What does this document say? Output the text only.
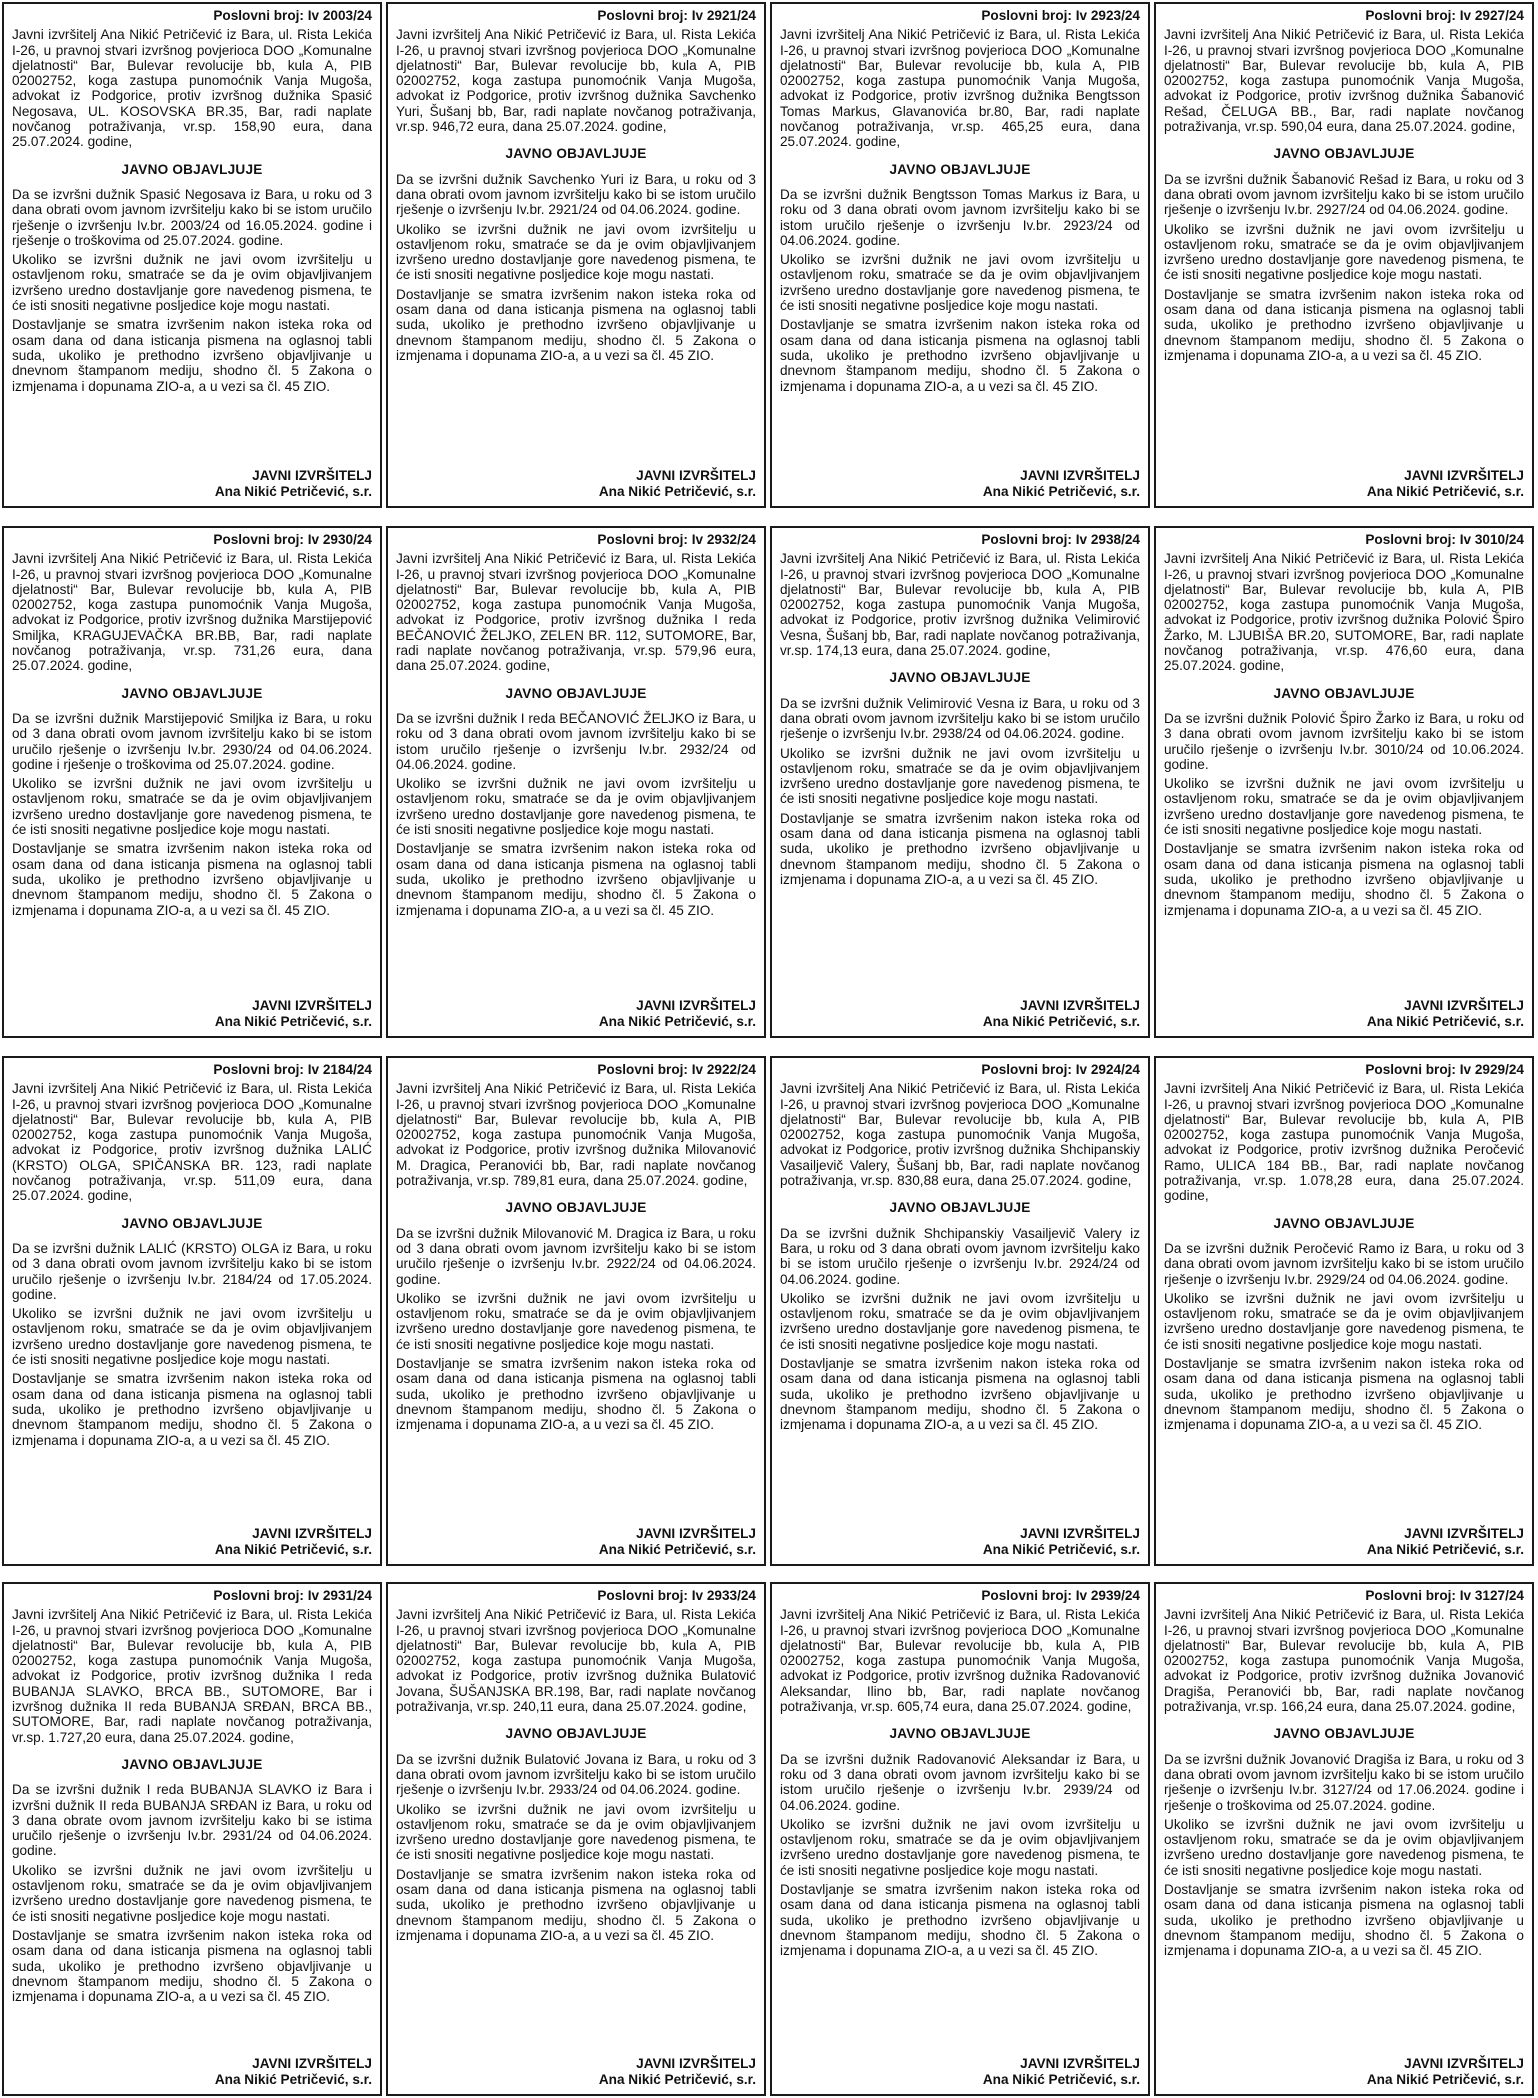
Poslovni broj: Iv 2003/24
Javni izvršitelj Ana Nikić Petričević iz Bara, ul. Rista Lekića I-26, u pravnoj stvari izvršnog povjerioca DOO „Komunalne djelatnosti“ Bar, Bulevar revolucije bb, kula A, PIB 02002752, koga zastupa punomoćnik Vanja Mugoša, advokat iz Podgorice, protiv izvršnog dužnika Spasić Negosava, UL. KOSOVSKA BR.35, Bar, radi naplate novčanog potraživanja, vr.sp. 158,90 eura, dana 25.07.2024. godine,
JAVNO OBJAVLJUJE
Da se izvršni dužnik Spasić Negosava iz Bara, u roku od 3 dana obrati ovom javnom izvršitelju kako bi se istom uručilo rješenje o izvršenju Iv.br. 2003/24 od 16.05.2024. godine i rješenje o troškovima od 25.07.2024. godine.
Ukoliko se izvršni dužnik ne javi ovom izvršitelju u ostavljenom roku, smatraće se da je ovim objavljivanjem izvršeno uredno dostavljanje gore navedenog pismena, te će isti snositi negativne posljedice koje mogu nastati.
Dostavljanje se smatra izvršenim nakon isteka roka od osam dana od dana isticanja pismena na oglasnoj tabli suda, ukoliko je prethodno izvršeno objavljivanje u dnevnom štampanom mediju, shodno čl. 5 Zakona o izmjenama i dopunama ZIO-a, a u vezi sa čl. 45 ZIO.
JAVNI IZVRŠITELJ
Ana Nikić Petričević, s.r.
Poslovni broj: Iv 2921/24
Javni izvršitelj Ana Nikić Petričević iz Bara, ul. Rista Lekića I-26, u pravnoj stvari izvršnog povjerioca DOO „Komunalne djelatnosti“ Bar, Bulevar revolucije bb, kula A, PIB 02002752, koga zastupa punomoćnik Vanja Mugoša, advokat iz Podgorice, protiv izvršnog dužnika Savchenko Yuri, Šušanj bb, Bar, radi naplate novčanog potraživanja, vr.sp. 946,72 eura, dana 25.07.2024. godine,
JAVNO OBJAVLJUJE
Da se izvršni dužnik Savchenko Yuri iz Bara, u roku od 3 dana obrati ovom javnom izvršitelju kako bi se istom uručilo rješenje o izvršenju Iv.br. 2921/24 od 04.06.2024. godine.
Ukoliko se izvršni dužnik ne javi ovom izvršitelju u ostavljenom roku, smatraće se da je ovim objavljivanjem izvršeno uredno dostavljanje gore navedenog pismena, te će isti snositi negativne posljedice koje mogu nastati.
Dostavljanje se smatra izvršenim nakon isteka roka od osam dana od dana isticanja pismena na oglasnoj tabli suda, ukoliko je prethodno izvršeno objavljivanje u dnevnom štampanom mediju, shodno čl. 5 Zakona o izmjenama i dopunama ZIO-a, a u vezi sa čl. 45 ZIO.
JAVNI IZVRŠITELJ
Ana Nikić Petričević, s.r.
Poslovni broj: Iv 2923/24
Javni izvršitelj Ana Nikić Petričević iz Bara, ul. Rista Lekića I-26, u pravnoj stvari izvršnog povjerioca DOO „Komunalne djelatnosti“ Bar, Bulevar revolucije bb, kula A, PIB 02002752, koga zastupa punomoćnik Vanja Mugoša, advokat iz Podgorice, protiv izvršnog dužnika Bengtsson Tomas Markus, Glavanovića br.80, Bar, radi naplate novčanog potraživanja, vr.sp. 465,25 eura, dana 25.07.2024. godine,
JAVNO OBJAVLJUJE
Da se izvršni dužnik Bengtsson Tomas Markus iz Bara, u roku od 3 dana obrati ovom javnom izvršitelju kako bi se istom uručilo rješenje o izvršenju Iv.br. 2923/24 od 04.06.2024. godine.
Ukoliko se izvršni dužnik ne javi ovom izvršitelju u ostavljenom roku, smatraće se da je ovim objavljivanjem izvršeno uredno dostavljanje gore navedenog pismena, te će isti snositi negativne posljedice koje mogu nastati.
Dostavljanje se smatra izvršenim nakon isteka roka od osam dana od dana isticanja pismena na oglasnoj tabli suda, ukoliko je prethodno izvršeno objavljivanje u dnevnom štampanom mediju, shodno čl. 5 Zakona o izmjenama i dopunama ZIO-a, a u vezi sa čl. 45 ZIO.
JAVNI IZVRŠITELJ
Ana Nikić Petričević, s.r.
Poslovni broj: Iv 2927/24
Javni izvršitelj Ana Nikić Petričević iz Bara, ul. Rista Lekića I-26, u pravnoj stvari izvršnog povjerioca DOO „Komunalne djelatnosti“ Bar, Bulevar revolucije bb, kula A, PIB 02002752, koga zastupa punomoćnik Vanja Mugoša, advokat iz Podgorice, protiv izvršnog dužnika Šabanović Rešad, ČELUGA BB., Bar, radi naplate novčanog potraživanja, vr.sp. 590,04 eura, dana 25.07.2024. godine,
JAVNO OBJAVLJUJE
Da se izvršni dužnik Šabanović Rešad iz Bara, u roku od 3 dana obrati ovom javnom izvršitelju kako bi se istom uručilo rješenje o izvršenju Iv.br. 2927/24 od 04.06.2024. godine.
Ukoliko se izvršni dužnik ne javi ovom izvršitelju u ostavljenom roku, smatraće se da je ovim objavljivanjem izvršeno uredno dostavljanje gore navedenog pismena, te će isti snositi negativne posljedice koje mogu nastati.
Dostavljanje se smatra izvršenim nakon isteka roka od osam dana od dana isticanja pismena na oglasnoj tabli suda, ukoliko je prethodno izvršeno objavljivanje u dnevnom štampanom mediju, shodno čl. 5 Zakona o izmjenama i dopunama ZIO-a, a u vezi sa čl. 45 ZIO.
JAVNI IZVRŠITELJ
Ana Nikić Petričević, s.r.
Poslovni broj: Iv 2930/24
Javni izvršitelj Ana Nikić Petričević iz Bara, ul. Rista Lekića I-26, u pravnoj stvari izvršnog povjerioca DOO „Komunalne djelatnosti“ Bar, Bulevar revolucije bb, kula A, PIB 02002752, koga zastupa punomoćnik Vanja Mugoša, advokat iz Podgorice, protiv izvršnog dužnika Marstijepović Smiljka, KRAGUJEVAČKA BR.BB, Bar, radi naplate novčanog potraživanja, vr.sp. 731,26 eura, dana 25.07.2024. godine,
JAVNO OBJAVLJUJE
Da se izvršni dužnik Marstijepović Smiljka iz Bara, u roku od 3 dana obrati ovom javnom izvršitelju kako bi se istom uručilo rješenje o izvršenju Iv.br. 2930/24 od 04.06.2024. godine i rješenje o troškovima od 25.07.2024. godine.
Ukoliko se izvršni dužnik ne javi ovom izvršitelju u ostavljenom roku, smatraće se da je ovim objavljivanjem izvršeno uredno dostavljanje gore navedenog pismena, te će isti snositi negativne posljedice koje mogu nastati.
Dostavljanje se smatra izvršenim nakon isteka roka od osam dana od dana isticanja pismena na oglasnoj tabli suda, ukoliko je prethodno izvršeno objavljivanje u dnevnom štampanom mediju, shodno čl. 5 Zakona o izmjenama i dopunama ZIO-a, a u vezi sa čl. 45 ZIO.
JAVNI IZVRŠITELJ
Ana Nikić Petričević, s.r.
Poslovni broj: Iv 2932/24
Javni izvršitelj Ana Nikić Petričević iz Bara, ul. Rista Lekića I-26, u pravnoj stvari izvršnog povjerioca DOO „Komunalne djelatnosti“ Bar, Bulevar revolucije bb, kula A, PIB 02002752, koga zastupa punomoćnik Vanja Mugoša, advokat iz Podgorice, protiv izvršnog dužnika I reda BEČANOVIĆ ŽELJKO, ZELEN BR. 112, SUTOMORE, Bar, radi naplate novčanog potraživanja, vr.sp. 579,96 eura, dana 25.07.2024. godine,
JAVNO OBJAVLJUJE
Da se izvršni dužnik I reda BEČANOVIĆ ŽELJKO iz Bara, u roku od 3 dana obrati ovom javnom izvršitelju kako bi se istom uručilo rješenje o izvršenju Iv.br. 2932/24 od 04.06.2024. godine.
Ukoliko se izvršni dužnik ne javi ovom izvršitelju u ostavljenom roku, smatraće se da je ovim objavljivanjem izvršeno uredno dostavljanje gore navedenog pismena, te će isti snositi negativne posljedice koje mogu nastati.
Dostavljanje se smatra izvršenim nakon isteka roka od osam dana od dana isticanja pismena na oglasnoj tabli suda, ukoliko je prethodno izvršeno objavljivanje u dnevnom štampanom mediju, shodno čl. 5 Zakona o izmjenama i dopunama ZIO-a, a u vezi sa čl. 45 ZIO.
JAVNI IZVRŠITELJ
Ana Nikić Petričević, s.r.
Poslovni broj: Iv 2938/24
Javni izvršitelj Ana Nikić Petričević iz Bara, ul. Rista Lekića I-26, u pravnoj stvari izvršnog povjerioca DOO „Komunalne djelatnosti“ Bar, Bulevar revolucije bb, kula A, PIB 02002752, koga zastupa punomoćnik Vanja Mugoša, advokat iz Podgorice, protiv izvršnog dužnika Velimirović Vesna, Šušanj bb, Bar, radi naplate novčanog potraživanja, vr.sp. 174,13 eura, dana 25.07.2024. godine,
JAVNO OBJAVLJUJE
Da se izvršni dužnik Velimirović Vesna iz Bara, u roku od 3 dana obrati ovom javnom izvršitelju kako bi se istom uručilo rješenje o izvršenju Iv.br. 2938/24 od 04.06.2024. godine.
Ukoliko se izvršni dužnik ne javi ovom izvršitelju u ostavljenom roku, smatraće se da je ovim objavljivanjem izvršeno uredno dostavljanje gore navedenog pismena, te će isti snositi negativne posljedice koje mogu nastati.
Dostavljanje se smatra izvršenim nakon isteka roka od osam dana od dana isticanja pismena na oglasnoj tabli suda, ukoliko je prethodno izvršeno objavljivanje u dnevnom štampanom mediju, shodno čl. 5 Zakona o izmjenama i dopunama ZIO-a, a u vezi sa čl. 45 ZIO.
JAVNI IZVRŠITELJ
Ana Nikić Petričević, s.r.
Poslovni broj: Iv 3010/24
Javni izvršitelj Ana Nikić Petričević iz Bara, ul. Rista Lekića I-26, u pravnoj stvari izvršnog povjerioca DOO „Komunalne djelatnosti“ Bar, Bulevar revolucije bb, kula A, PIB 02002752, koga zastupa punomoćnik Vanja Mugoša, advokat iz Podgorice, protiv izvršnog dužnika Polović Špiro Žarko, M. LJUBIŠA BR.20, SUTOMORE, Bar, radi naplate novčanog potraživanja, vr.sp. 476,60 eura, dana 25.07.2024. godine,
JAVNO OBJAVLJUJE
Da se izvršni dužnik Polović Špiro Žarko iz Bara, u roku od 3 dana obrati ovom javnom izvršitelju kako bi se istom uručilo rješenje o izvršenju Iv.br. 3010/24 od 10.06.2024. godine.
Ukoliko se izvršni dužnik ne javi ovom izvršitelju u ostavljenom roku, smatraće se da je ovim objavljivanjem izvršeno uredno dostavljanje gore navedenog pismena, te će isti snositi negativne posljedice koje mogu nastati.
Dostavljanje se smatra izvršenim nakon isteka roka od osam dana od dana isticanja pismena na oglasnoj tabli suda, ukoliko je prethodno izvršeno objavljivanje u dnevnom štampanom mediju, shodno čl. 5 Zakona o izmjenama i dopunama ZIO-a, a u vezi sa čl. 45 ZIO.
JAVNI IZVRŠITELJ
Ana Nikić Petričević, s.r.
Poslovni broj: Iv 2184/24
Javni izvršitelj Ana Nikić Petričević iz Bara, ul. Rista Lekića I-26, u pravnoj stvari izvršnog povjerioca DOO „Komunalne djelatnosti“ Bar, Bulevar revolucije bb, kula A, PIB 02002752, koga zastupa punomoćnik Vanja Mugoša, advokat iz Podgorice, protiv izvršnog dužnika LALIĆ (KRSTO) OLGA, SPIČANSKA BR. 123, radi naplate novčanog potraživanja, vr.sp. 511,09 eura, dana 25.07.2024. godine,
JAVNO OBJAVLJUJE
Da se izvršni dužnik LALIĆ (KRSTO) OLGA iz Bara, u roku od 3 dana obrati ovom javnom izvršitelju kako bi se istom uručilo rješenje o izvršenju Iv.br. 2184/24 od 17.05.2024. godine.
Ukoliko se izvršni dužnik ne javi ovom izvršitelju u ostavljenom roku, smatraće se da je ovim objavljivanjem izvršeno uredno dostavljanje gore navedenog pismena, te će isti snositi negativne posljedice koje mogu nastati.
Dostavljanje se smatra izvršenim nakon isteka roka od osam dana od dana isticanja pismena na oglasnoj tabli suda, ukoliko je prethodno izvršeno objavljivanje u dnevnom štampanom mediju, shodno čl. 5 Zakona o izmjenama i dopunama ZIO-a, a u vezi sa čl. 45 ZIO.
JAVNI IZVRŠITELJ
Ana Nikić Petričević, s.r.
Poslovni broj: Iv 2922/24
Javni izvršitelj Ana Nikić Petričević iz Bara, ul. Rista Lekića I-26, u pravnoj stvari izvršnog povjerioca DOO „Komunalne djelatnosti“ Bar, Bulevar revolucije bb, kula A, PIB 02002752, koga zastupa punomoćnik Vanja Mugoša, advokat iz Podgorice, protiv izvršnog dužnika Milovanović M. Dragica, Peranovići bb, Bar, radi naplate novčanog potraživanja, vr.sp. 789,81 eura, dana 25.07.2024. godine,
JAVNO OBJAVLJUJE
Da se izvršni dužnik Milovanović M. Dragica iz Bara, u roku od 3 dana obrati ovom javnom izvršitelju kako bi se istom uručilo rješenje o izvršenju Iv.br. 2922/24 od 04.06.2024. godine.
Ukoliko se izvršni dužnik ne javi ovom izvršitelju u ostavljenom roku, smatraće se da je ovim objavljivanjem izvršeno uredno dostavljanje gore navedenog pismena, te će isti snositi negativne posljedice koje mogu nastati.
Dostavljanje se smatra izvršenim nakon isteka roka od osam dana od dana isticanja pismena na oglasnoj tabli suda, ukoliko je prethodno izvršeno objavljivanje u dnevnom štampanom mediju, shodno čl. 5 Zakona o izmjenama i dopunama ZIO-a, a u vezi sa čl. 45 ZIO.
JAVNI IZVRŠITELJ
Ana Nikić Petričević, s.r.
Poslovni broj: Iv 2924/24
Javni izvršitelj Ana Nikić Petričević iz Bara, ul. Rista Lekića I-26, u pravnoj stvari izvršnog povjerioca DOO „Komunalne djelatnosti“ Bar, Bulevar revolucije bb, kula A, PIB 02002752, koga zastupa punomoćnik Vanja Mugoša, advokat iz Podgorice, protiv izvršnog dužnika Shchipanskiy Vasailjevič Valery, Šušanj bb, Bar, radi naplate novčanog potraživanja, vr.sp. 830,88 eura, dana 25.07.2024. godine,
JAVNO OBJAVLJUJE
Da se izvršni dužnik Shchipanskiy Vasailjevič Valery iz Bara, u roku od 3 dana obrati ovom javnom izvršitelju kako bi se istom uručilo rješenje o izvršenju Iv.br. 2924/24 od 04.06.2024. godine.
Ukoliko se izvršni dužnik ne javi ovom izvršitelju u ostavljenom roku, smatraće se da je ovim objavljivanjem izvršeno uredno dostavljanje gore navedenog pismena, te će isti snositi negativne posljedice koje mogu nastati.
Dostavljanje se smatra izvršenim nakon isteka roka od osam dana od dana isticanja pismena na oglasnoj tabli suda, ukoliko je prethodno izvršeno objavljivanje u dnevnom štampanom mediju, shodno čl. 5 Zakona o izmjenama i dopunama ZIO-a, a u vezi sa čl. 45 ZIO.
JAVNI IZVRŠITELJ
Ana Nikić Petričević, s.r.
Poslovni broj: Iv 2929/24
Javni izvršitelj Ana Nikić Petričević iz Bara, ul. Rista Lekića I-26, u pravnoj stvari izvršnog povjerioca DOO „Komunalne djelatnosti“ Bar, Bulevar revolucije bb, kula A, PIB 02002752, koga zastupa punomoćnik Vanja Mugoša, advokat iz Podgorice, protiv izvršnog dužnika Peročević Ramo, ULICA 184 BB., Bar, radi naplate novčanog potraživanja, vr.sp. 1.078,28 eura, dana 25.07.2024. godine,
JAVNO OBJAVLJUJE
Da se izvršni dužnik Peročević Ramo iz Bara, u roku od 3 dana obrati ovom javnom izvršitelju kako bi se istom uručilo rješenje o izvršenju Iv.br. 2929/24 od 04.06.2024. godine.
Ukoliko se izvršni dužnik ne javi ovom izvršitelju u ostavljenom roku, smatraće se da je ovim objavljivanjem izvršeno uredno dostavljanje gore navedenog pismena, te će isti snositi negativne posljedice koje mogu nastati.
Dostavljanje se smatra izvršenim nakon isteka roka od osam dana od dana isticanja pismena na oglasnoj tabli suda, ukoliko je prethodno izvršeno objavljivanje u dnevnom štampanom mediju, shodno čl. 5 Zakona o izmjenama i dopunama ZIO-a, a u vezi sa čl. 45 ZIO.
JAVNI IZVRŠITELJ
Ana Nikić Petričević, s.r.
Poslovni broj: Iv 2931/24
Javni izvršitelj Ana Nikić Petričević iz Bara, ul. Rista Lekića I-26, u pravnoj stvari izvršnog povjerioca DOO „Komunalne djelatnosti“ Bar, Bulevar revolucije bb, kula A, PIB 02002752, koga zastupa punomoćnik Vanja Mugoša, advokat iz Podgorice, protiv izvršnog dužnika I reda BUBANJA SLAVKO, BRCA BB., SUTOMORE, Bar i izvršnog dužnika II reda BUBANJA SRĐAN, BRCA BB., SUTOMORE, Bar, radi naplate novčanog potraživanja, vr.sp. 1.727,20 eura, dana 25.07.2024. godine,
JAVNO OBJAVLJUJE
Da se izvršni dužnik I reda BUBANJA SLAVKO iz Bara i izvršni dužnik II reda BUBANJA SRĐAN iz Bara, u roku od 3 dana obrate ovom javnom izvršitelju kako bi se istima uručilo rješenje o izvršenju Iv.br. 2931/24 od 04.06.2024. godine.
Ukoliko se izvršni dužnik ne javi ovom izvršitelju u ostavljenom roku, smatraće se da je ovim objavljivanjem izvršeno uredno dostavljanje gore navedenog pismena, te će isti snositi negativne posljedice koje mogu nastati.
Dostavljanje se smatra izvršenim nakon isteka roka od osam dana od dana isticanja pismena na oglasnoj tabli suda, ukoliko je prethodno izvršeno objavljivanje u dnevnom štampanom mediju, shodno čl. 5 Zakona o izmjenama i dopunama ZIO-a, a u vezi sa čl. 45 ZIO.
JAVNI IZVRŠITELJ
Ana Nikić Petričević, s.r.
Poslovni broj: Iv 2933/24
Javni izvršitelj Ana Nikić Petričević iz Bara, ul. Rista Lekića I-26, u pravnoj stvari izvršnog povjerioca DOO „Komunalne djelatnosti“ Bar, Bulevar revolucije bb, kula A, PIB 02002752, koga zastupa punomoćnik Vanja Mugoša, advokat iz Podgorice, protiv izvršnog dužnika Bulatović Jovana, ŠUŠANJSKA BR.198, Bar, radi naplate novčanog potraživanja, vr.sp. 240,11 eura, dana 25.07.2024. godine,
JAVNO OBJAVLJUJE
Da se izvršni dužnik Bulatović Jovana iz Bara, u roku od 3 dana obrati ovom javnom izvršitelju kako bi se istom uručilo rješenje o izvršenju Iv.br. 2933/24 od 04.06.2024. godine.
Ukoliko se izvršni dužnik ne javi ovom izvršitelju u ostavljenom roku, smatraće se da je ovim objavljivanjem izvršeno uredno dostavljanje gore navedenog pismena, te će isti snositi negativne posljedice koje mogu nastati.
Dostavljanje se smatra izvršenim nakon isteka roka od osam dana od dana isticanja pismena na oglasnoj tabli suda, ukoliko je prethodno izvršeno objavljivanje u dnevnom štampanom mediju, shodno čl. 5 Zakona o izmjenama i dopunama ZIO-a, a u vezi sa čl. 45 ZIO.
JAVNI IZVRŠITELJ
Ana Nikić Petričević, s.r.
Poslovni broj: Iv 2939/24
Javni izvršitelj Ana Nikić Petričević iz Bara, ul. Rista Lekića I-26, u pravnoj stvari izvršnog povjerioca DOO „Komunalne djelatnosti“ Bar, Bulevar revolucije bb, kula A, PIB 02002752, koga zastupa punomoćnik Vanja Mugoša, advokat iz Podgorice, protiv izvršnog dužnika Radovanović Aleksandar, Ilino bb, Bar, radi naplate novčanog potraživanja, vr.sp. 605,74 eura, dana 25.07.2024. godine,
JAVNO OBJAVLJUJE
Da se izvršni dužnik Radovanović Aleksandar iz Bara, u roku od 3 dana obrati ovom javnom izvršitelju kako bi se istom uručilo rješenje o izvršenju Iv.br. 2939/24 od 04.06.2024. godine.
Ukoliko se izvršni dužnik ne javi ovom izvršitelju u ostavljenom roku, smatraće se da je ovim objavljivanjem izvršeno uredno dostavljanje gore navedenog pismena, te će isti snositi negativne posljedice koje mogu nastati.
Dostavljanje se smatra izvršenim nakon isteka roka od osam dana od dana isticanja pismena na oglasnoj tabli suda, ukoliko je prethodno izvršeno objavljivanje u dnevnom štampanom mediju, shodno čl. 5 Zakona o izmjenama i dopunama ZIO-a, a u vezi sa čl. 45 ZIO.
JAVNI IZVRŠITELJ
Ana Nikić Petričević, s.r.
Poslovni broj: Iv 3127/24
Javni izvršitelj Ana Nikić Petričević iz Bara, ul. Rista Lekića I-26, u pravnoj stvari izvršnog povjerioca DOO „Komunalne djelatnosti“ Bar, Bulevar revolucije bb, kula A, PIB 02002752, koga zastupa punomoćnik Vanja Mugoša, advokat iz Podgorice, protiv izvršnog dužnika Jovanović Dragiša, Peranovići bb, Bar, radi naplate novčanog potraživanja, vr.sp. 166,24 eura, dana 25.07.2024. godine,
JAVNO OBJAVLJUJE
Da se izvršni dužnik Jovanović Dragiša iz Bara, u roku od 3 dana obrati ovom javnom izvršitelju kako bi se istom uručilo rješenje o izvršenju Iv.br. 3127/24 od 17.06.2024. godine i rješenje o troškovima od 25.07.2024. godine.
Ukoliko se izvršni dužnik ne javi ovom izvršitelju u ostavljenom roku, smatraće se da je ovim objavljivanjem izvršeno uredno dostavljanje gore navedenog pismena, te će isti snositi negativne posljedice koje mogu nastati.
Dostavljanje se smatra izvršenim nakon isteka roka od osam dana od dana isticanja pismena na oglasnoj tabli suda, ukoliko je prethodno izvršeno objavljivanje u dnevnom štampanom mediju, shodno čl. 5 Zakona o izmjenama i dopunama ZIO-a, a u vezi sa čl. 45 ZIO.
JAVNI IZVRŠITELJ
Ana Nikić Petričević, s.r.
